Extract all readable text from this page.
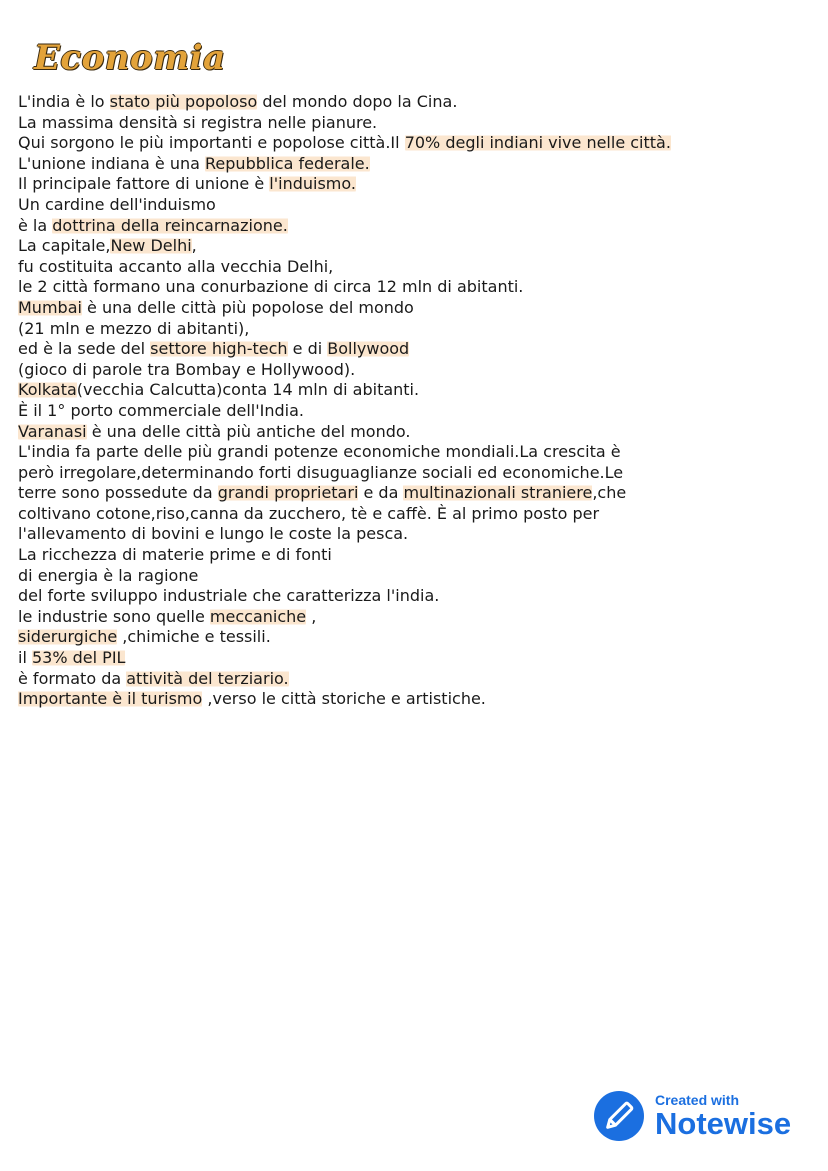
Economia
L'india è lo stato più popoloso del mondo dopo la Cina.
La massima densità si registra nelle pianure.
Qui sorgono le più importanti e popolose città.Il 70% degli indiani vive nelle città.
L'unione indiana è una Repubblica federale.
Il principale fattore di unione è l'induismo.
Un cardine dell'induismo
è la dottrina della reincarnazione.
La capitale,New Delhi,
fu costituita accanto alla vecchia Delhi,
le 2 città formano una conurbazione di circa 12 mln di abitanti.
Mumbai è una delle città più popolose del mondo
(21 mln e mezzo di abitanti),
ed è la sede del settore high-tech e di Bollywood
(gioco di parole tra Bombay e Hollywood).
Kolkata(vecchia Calcutta)conta 14 mln di abitanti.
È il 1° porto commerciale dell'India.
Varanasi è una delle città più antiche del mondo.
L'india fa parte delle più grandi potenze economiche mondiali.La crescita è
però irregolare,determinando forti disuguaglianze sociali ed economiche.Le
terre sono possedute da grandi proprietari e da multinazionali straniere,che
coltivano cotone,riso,canna da zucchero, tè e caffè. È al primo posto per
l'allevamento di bovini e lungo le coste la pesca.
La ricchezza di materie prime e di fonti
di energia è la ragione
del forte sviluppo industriale che caratterizza l'india.
le industrie sono quelle meccaniche ,
siderurgiche ,chimiche e tessili.
il 53% del PIL
è formato da attività del terziario.
Importante è il turismo ,verso le città storiche e artistiche.
Created with
Notewise
